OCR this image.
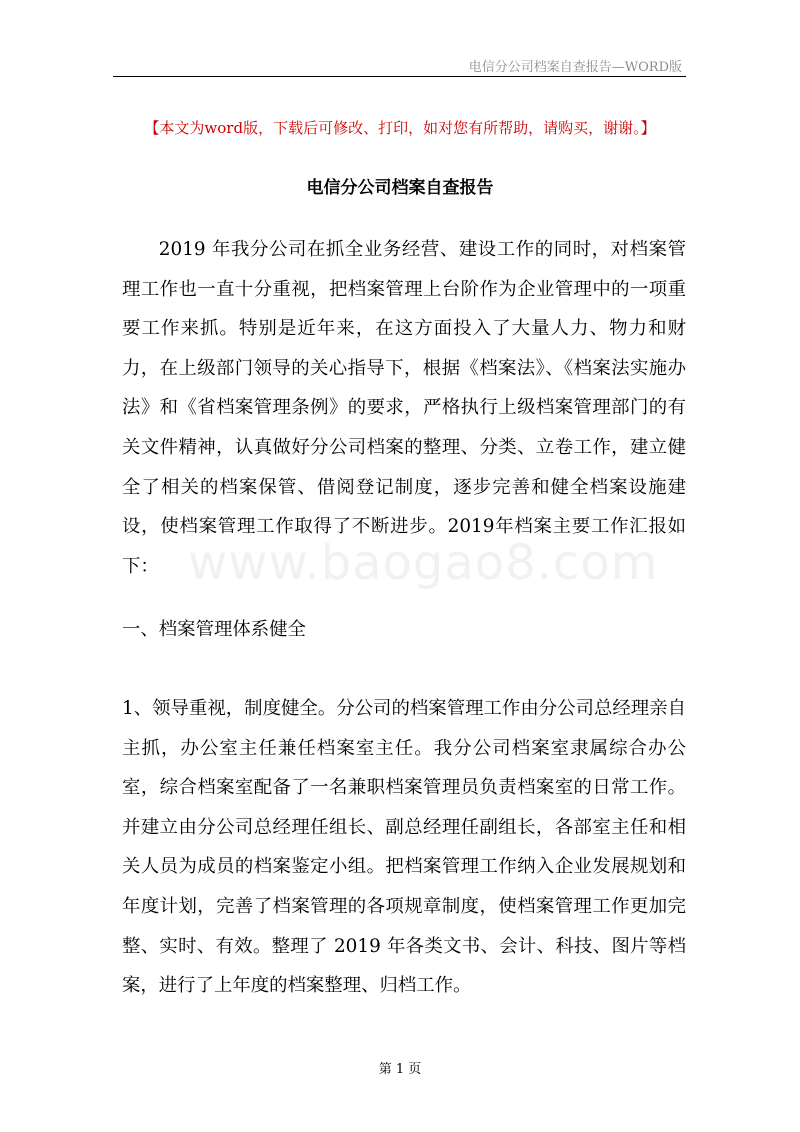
电信分公司档案自查报告—WORD版
www.baogao8.com
【本文为word版，下载后可修改、打印，如对您有所帮助，请购买，谢谢。】
电信分公司档案自查报告

2019 年我分公司在抓全业务经营、建设工作的同时，对档案管理工作也一直十分重视，把档案管理上台阶作为企业管理中的一项重要工作来抓。特别是近年来，在这方面投入了大量人力、物力和财力，在上级部门领导的关心指导下，根据《档案法》、《档案法实施办法》和《省档案管理条例》的要求，严格执行上级档案管理部门的有关文件精神，认真做好分公司档案的整理、分类、立卷工作，建立健全了相关的档案保管、借阅登记制度，逐步完善和健全档案设施建设，使档案管理工作取得了不断进步。2019年档案主要工作汇报如下：

一、档案管理体系健全

1、领导重视，制度健全。分公司的档案管理工作由分公司总经理亲自主抓，办公室主任兼任档案室主任。我分公司档案室隶属综合办公室，综合档案室配备了一名兼职档案管理员负责档案室的日常工作。并建立由分公司总经理任组长、副总经理任副组长，各部室主任和相关人员为成员的档案鉴定小组。把档案管理工作纳入企业发展规划和年度计划，完善了档案管理的各项规章制度，使档案管理工作更加完整、实时、有效。整理了 2019 年各类文书、会计、科技、图片等档案，进行了上年度的档案整理、归档工作。

第 1 页
